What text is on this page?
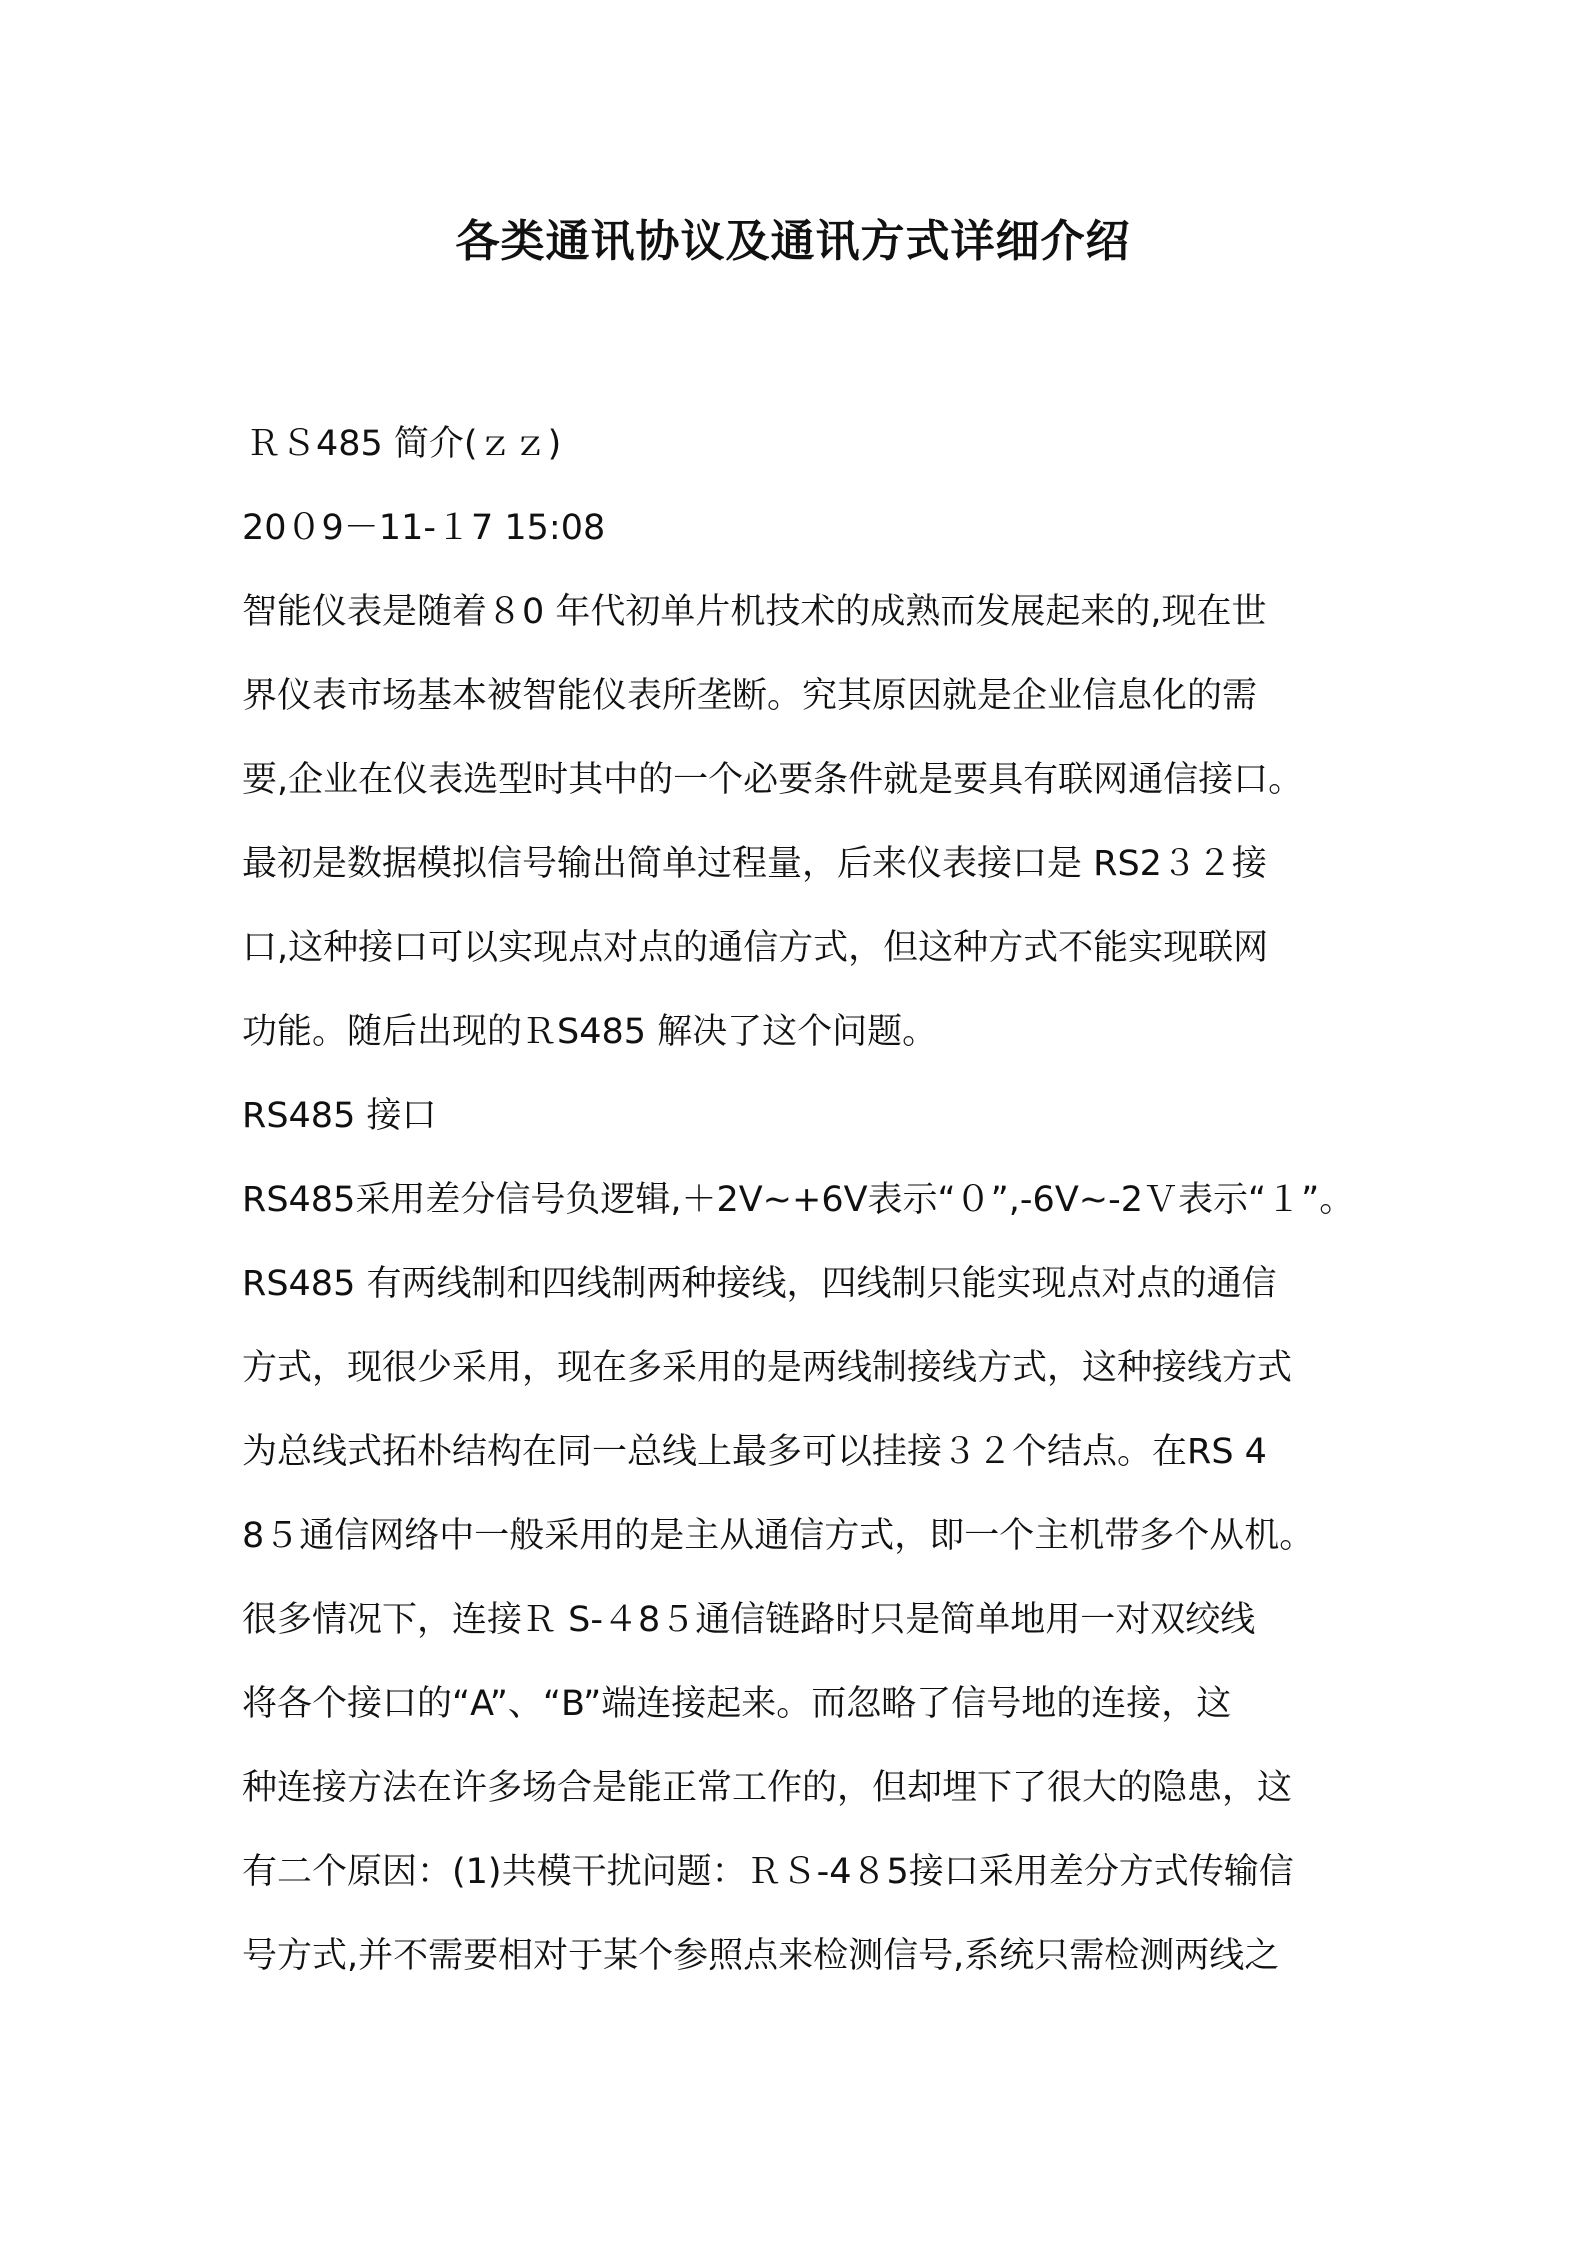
各类通讯协议及通讯方式详细介绍
ＲＳ485 简介(ｚｚ)
20０9－11-１7 15:08
智能仪表是随着８0 年代初单片机技术的成熟而发展起来的,现在世
界仪表市场基本被智能仪表所垄断。究其原因就是企业信息化的需
要,企业在仪表选型时其中的一个必要条件就是要具有联网通信接口。
最初是数据模拟信号输出简单过程量，后来仪表接口是 RS2３２接
口,这种接口可以实现点对点的通信方式，但这种方式不能实现联网
功能。随后出现的ＲS485 解决了这个问题。
RS485 接口
RS485采用差分信号负逻辑,＋2V~+6V表示“０”,-6V~-2Ｖ表示“１”。
RS485 有两线制和四线制两种接线，四线制只能实现点对点的通信
方式，现很少采用，现在多采用的是两线制接线方式，这种接线方式
为总线式拓朴结构在同一总线上最多可以挂接３２个结点。在RS 4
8５通信网络中一般采用的是主从通信方式，即一个主机带多个从机。
很多情况下，连接Ｒ S-４8５通信链路时只是简单地用一对双绞线
将各个接口的“A”、“B”端连接起来。而忽略了信号地的连接，这
种连接方法在许多场合是能正常工作的，但却埋下了很大的隐患，这
有二个原因：(1)共模干扰问题：ＲＳ-4８5接口采用差分方式传输信
号方式,并不需要相对于某个参照点来检测信号,系统只需检测两线之
